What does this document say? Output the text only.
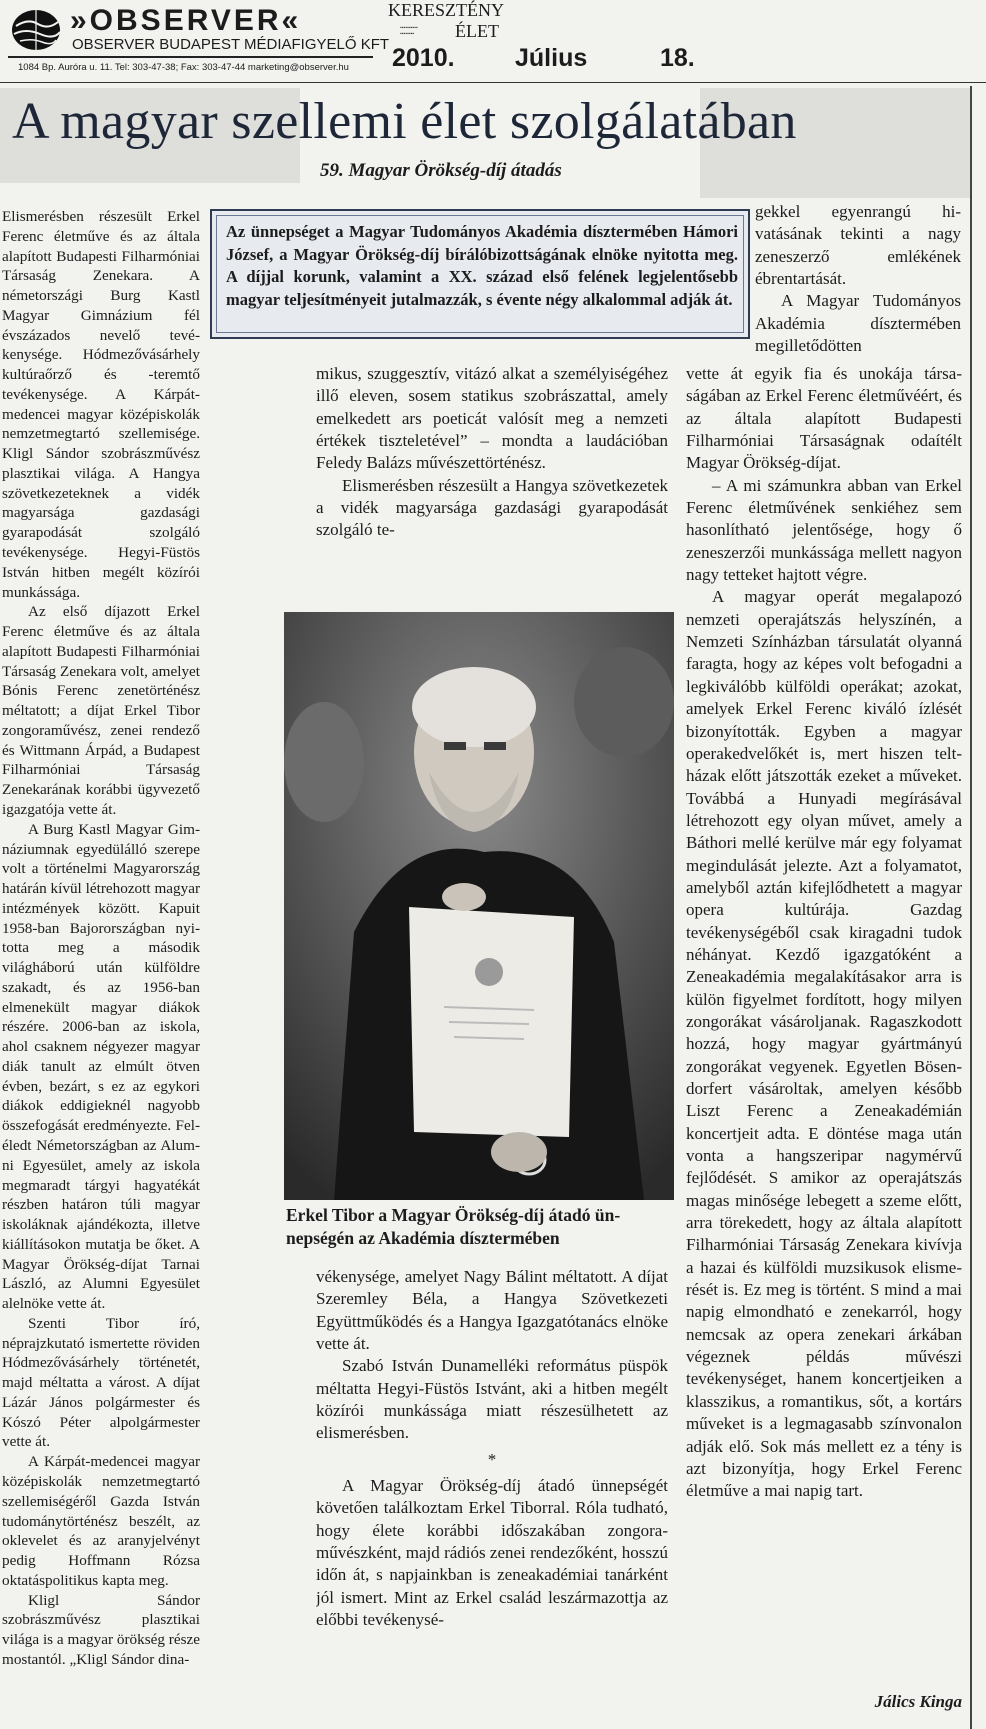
»OBSERVER«
OBSERVER BUDAPEST MÉDIAFIGYELŐ KFT
1084 Bp. Auróra u. 11. Tel: 303-47-38; Fax: 303-47-44 marketing@observer.hu
KERESZTÉNY
▪▪▪▪▪▪▪▪▪▪
▪▪▪▪▪▪▪▪	ÉLET
2010. Július	18.
A magyar szellemi élet szolgálatában
59. Magyar Örökség-díj átadás
Az ünnepséget a Magyar Tudományos Akadémia dísztermében Hámori József, a Magyar Örökség-díj bírálóbizottságának elnöke nyitotta meg. A díjjal korunk, valamint a XX. század első felének legjelentősebb magyar teljesítményeit jutalmazzák, s évente négy alkalommal adják át.

Elismerésben részesült Erkel Ferenc életműve és az általa alapított Budapesti Filharmóniai Társaság Zenekara. A németországi Burg Kastl Magyar Gimnázium fél évszázados nevelő tevékenysége. Hódmezővásárhely kultúraőrző és -teremtő tevékenysége. A Kárpát-medencei magyar középiskolák nemzetmegtartó szellemisége. Kligl Sándor szobrászművész plasztikai világa. A Hangya szövetkezeteknek a vidék magyarsága gazdasági gyarapodását szolgáló tevékenysége. Hegyi-Füstös István hitben megélt közírói munkássága.

Az első díjazott Erkel Ferenc életműve és az általa alapított Budapesti Filharmóniai Társaság Zenekara volt, amelyet Bónis Ferenc zenetörténész méltatott; a díjat Erkel Tibor zongoraművész, zenei rendező és Wittmann Árpád, a Budapest Filharmóniai Társaság Zenekarának korábbi ügyvezető igazgatója vette át.

A Burg Kastl Magyar Gimnáziumnak egyedülálló szerepe volt a történelmi Magyarország határán kívül létrehozott magyar intézmények között. Kapuit 1958-ban Bajorországban nyitotta meg a második világháború után külföldre szakadt, és az 1956-ban elmenekült magyar diákok részére. 2006-ban az iskola, ahol csaknem négyezer magyar diák tanult az elmúlt ötven évben, bezárt, s ez az egykori diákok eddigieknél nagyobb összefogását eredményezte. Feléledt Németországban az Alumni Egyesület, amely az iskola megmaradt tárgyi hagyatékát részben határon túli magyar iskoláknak ajándékozta, illetve kiállításokon mutatja be őket. A Magyar Örökség-díjat Tarnai László, az Alumni Egyesület alelnöke vette át.

Szenti Tibor író, néprajzkutató ismertette röviden Hódmezővásárhely történetét, majd méltatta a várost. A díjat Lázár János polgármester és Kószó Péter alpolgármester vette át.

A Kárpát-medencei magyar középiskolák nemzetmegtartó szellemiségéről Gazda István tudománytörténész beszélt, az oklevelet és az aranyjelvényt pedig Hoffmann Rózsa oktatáspolitikus kapta meg.

Kligl Sándor szobrászművész plasztikai világa is a magyar örökség része mostantól. „Kligl Sándor dina-

mikus, szuggesztív, vitázó alkat a személyiségéhez illő eleven, sosem statikus szobrászattal, amely emelkedett ars poeticát valósít meg a nemzeti értékek tiszteletével” – mondta a laudációban Feledy Balázs művészettörténész.

Elismerésben részesült a Hangya szövetkezetek a vidék magyarsága gazdasági gyarapodását szolgáló te-

Erkel Tibor a Magyar Örökség-díj átadó ünnepségén az Akadémia dísztermében

vékenysége, amelyet Nagy Bálint méltatott. A díjat Szeremley Béla, a Hangya Szövetkezeti Együttműködés és a Hangya Igazgatótanács elnöke vette át.

Szabó István Dunamelléki református püspök méltatta Hegyi-Füstös Istvánt, aki a hitben megélt közírói munkássága miatt részesülhetett az elismerésben.

*

A Magyar Örökség-díj átadó ünnepségét követően találkoztam Erkel Tiborral. Róla tudható, hogy élete korábbi időszakában zongoraművészként, majd rádiós zenei rendezőként, hosszú időn át, s napjainkban is zeneakadémiai tanárként jól ismert. Mint az Erkel család leszármazottja az előbbi tevékenysé-

gekkel egyenrangú hivatásának tekinti a nagy zeneszerző emlékének ébrentartását.

A Magyar Tudományos Akadémia dísztermében megilletődötten

vette át egyik fia és unokája társaságában az Erkel Ferenc életművéért, és az általa alapított Budapesti Filharmóniai Társaságnak odaítélt Magyar Örökség-díjat.

– A mi számunkra abban van Erkel Ferenc életművének senkiéhez sem hasonlítható jelentősége, hogy ő zeneszerzői munkássága mellett nagyon nagy tetteket hajtott végre.

A magyar operát megalapozó nemzeti operajátszás helyszínén, a Nemzeti Színházban társulatát olyanná faragta, hogy az képes volt befogadni a legkiválóbb külföldi operákat; azokat, amelyek Erkel Ferenc kiváló ízlését bizonyították. Egyben a magyar operakedvelőkét is, mert hiszen teltházak előtt játszották ezeket a műveket. Továbbá a Hunyadi megírásával létrehozott egy olyan művet, amely a Báthori mellé kerülve már egy folyamat megindulását jelezte. Azt a folyamatot, amelyből aztán kifejlődhetett a magyar opera kultúrája. Gazdag tevékenységéből csak kiragadni tudok néhányat. Kezdő igazgatóként a Zeneakadémia megalakításakor arra is külön figyelmet fordított, hogy milyen zongorákat vásároljanak. Ragaszkodott hozzá, hogy magyar gyártmányú zongorákat vegyenek. Egyetlen Bösendorfert vásároltak, amelyen később Liszt Ferenc a Zeneakadémián koncertjeit adta. E döntése maga után vonta a hangszeripar nagymérvű fejlődését. S amikor az operajátszás magas minősége lebegett a szeme előtt, arra törekedett, hogy az általa alapított Filharmóniai Társaság Zenekara kivívja a hazai és külföldi muzsikusok elismerését is. Ez meg is történt. S mind a mai napig elmondható e zenekarról, hogy nemcsak az opera zenekari árkában végeznek példás művészi tevékenységet, hanem koncertjeiken a klasszikus, a romantikus, sőt, a kortárs műveket is a legmagasabb színvonalon adják elő. Sok más mellett ez a tény is azt bizonyítja, hogy Erkel Ferenc életműve a mai napig tart.

Jálics Kinga
